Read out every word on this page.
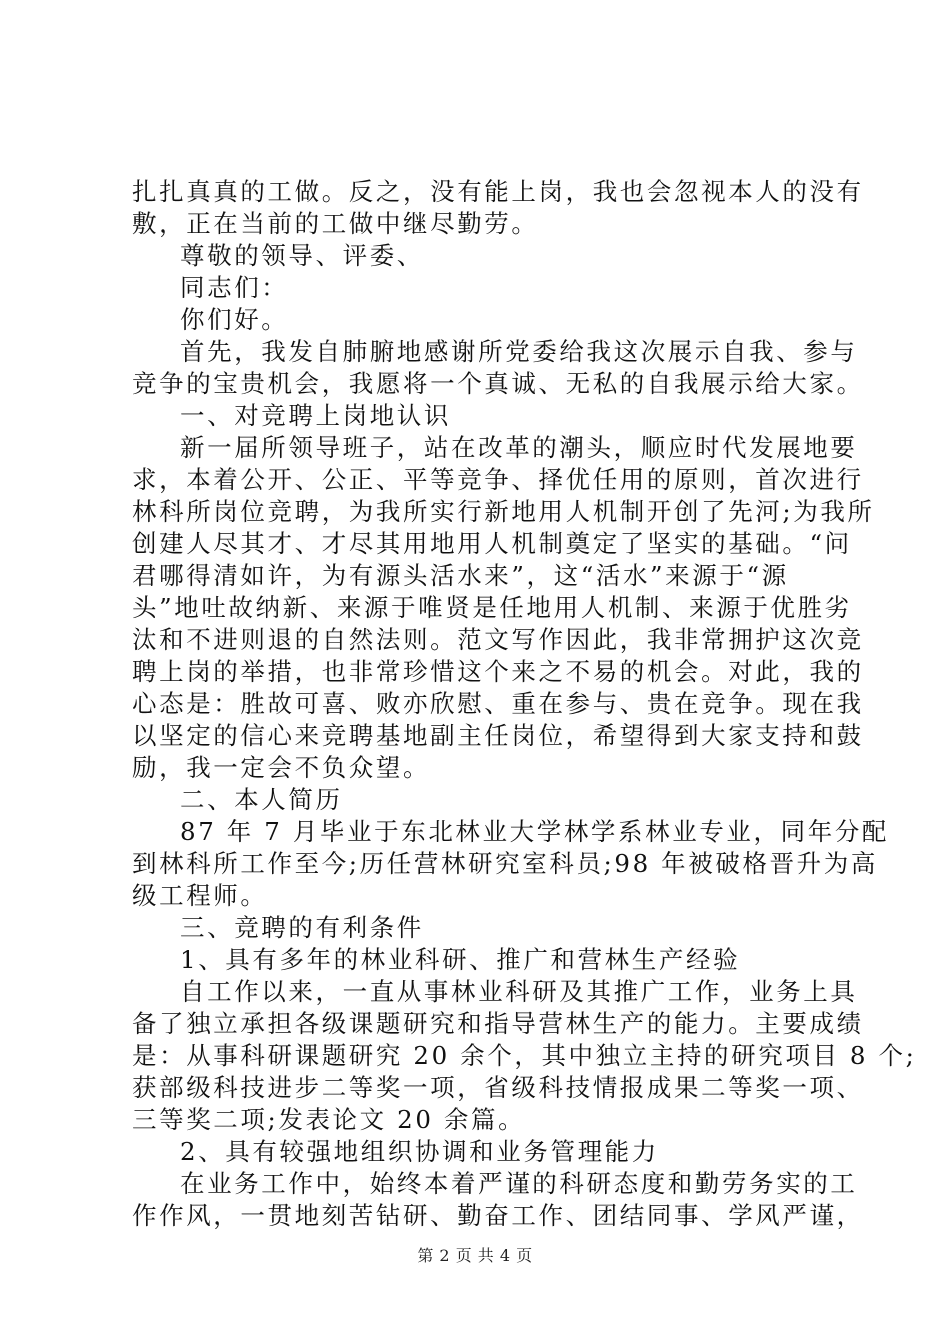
扎扎真真的工做。反之，没有能上岗，我也会忽视本人的没有
敷，正在当前的工做中继尽勤劳。
尊敬的领导、评委、
同志们：
你们好。
首先，我发自肺腑地感谢所党委给我这次展示自我、参与
竞争的宝贵机会，我愿将一个真诚、无私的自我展示给大家。
一、对竞聘上岗地认识
新一届所领导班子，站在改革的潮头，顺应时代发展地要
求，本着公开、公正、平等竞争、择优任用的原则，首次进行
林科所岗位竞聘，为我所实行新地用人机制开创了先河;为我所
创建人尽其才、才尽其用地用人机制奠定了坚实的基础。“问
君哪得清如许，为有源头活水来”，这“活水”来源于“源
头”地吐故纳新、来源于唯贤是任地用人机制、来源于优胜劣
汰和不进则退的自然法则。范文写作因此，我非常拥护这次竞
聘上岗的举措，也非常珍惜这个来之不易的机会。对此，我的
心态是：胜故可喜、败亦欣慰、重在参与、贵在竞争。现在我
以坚定的信心来竞聘基地副主任岗位，希望得到大家支持和鼓
励，我一定会不负众望。
二、本人简历
87 年 7 月毕业于东北林业大学林学系林业专业，同年分配
到林科所工作至今;历任营林研究室科员;98 年被破格晋升为高
级工程师。
三、竞聘的有利条件
1、具有多年的林业科研、推广和营林生产经验
自工作以来，一直从事林业科研及其推广工作，业务上具
备了独立承担各级课题研究和指导营林生产的能力。主要成绩
是：从事科研课题研究 20 余个，其中独立主持的研究项目 8 个;
获部级科技进步二等奖一项，省级科技情报成果二等奖一项、
三等奖二项;发表论文 20 余篇。
2、具有较强地组织协调和业务管理能力
在业务工作中，始终本着严谨的科研态度和勤劳务实的工
作作风，一贯地刻苦钻研、勤奋工作、团结同事、学风严谨，
第 2 页 共 4 页
